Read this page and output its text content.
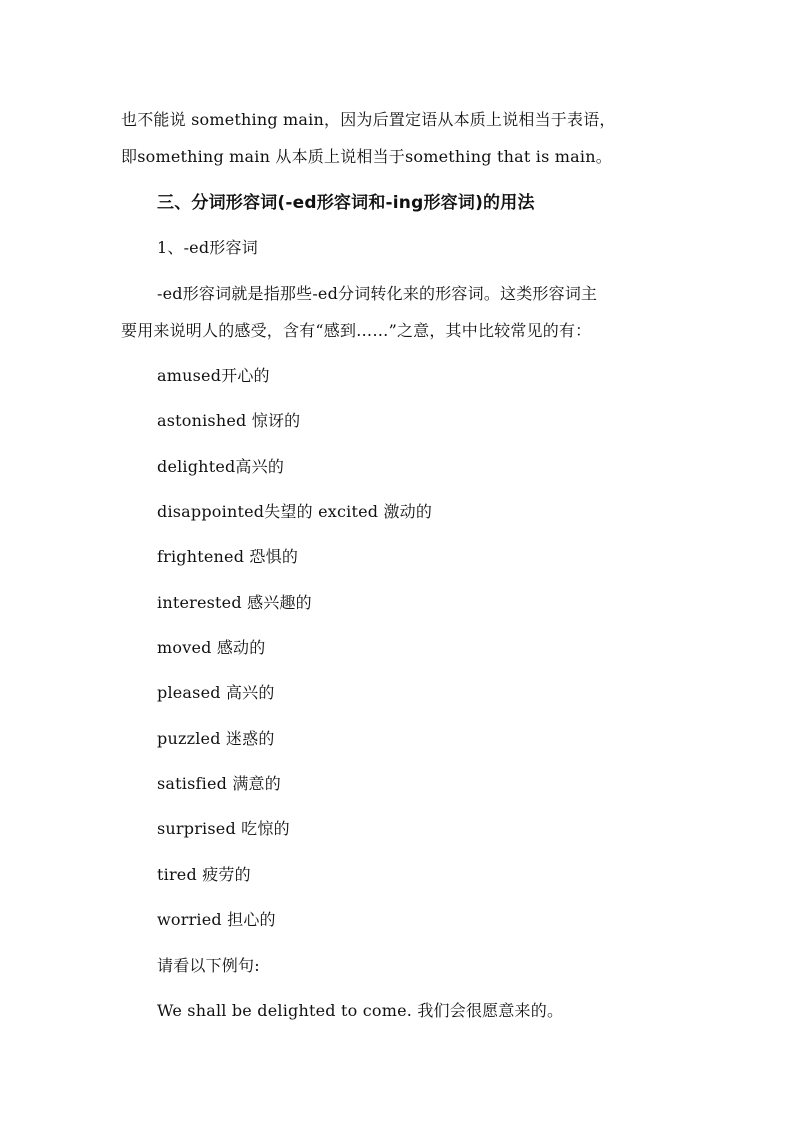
也不能说 something main，因为后置定语从本质上说相当于表语，
即something main 从本质上说相当于something that is main。
三、分词形容词(-ed形容词和-ing形容词)的用法
1、-ed形容词
-ed形容词就是指那些-ed分词转化来的形容词。这类形容词主
要用来说明人的感受，含有“感到……”之意，其中比较常见的有：
amused开心的
astonished 惊讶的
delighted高兴的
disappointed失望的 excited 激动的
frightened 恐惧的
interested 感兴趣的
moved 感动的
pleased 高兴的
puzzled 迷惑的
satisfied 满意的
surprised 吃惊的
tired 疲劳的
worried 担心的
请看以下例句:
We shall be delighted to come. 我们会很愿意来的。
